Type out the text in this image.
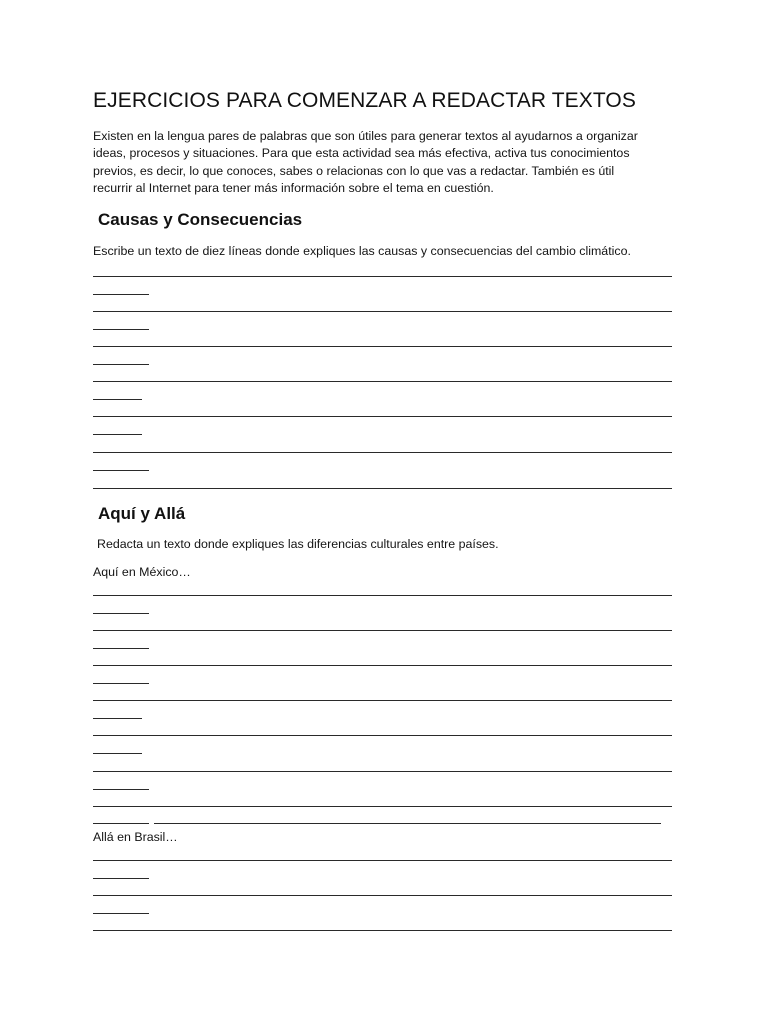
EJERCICIOS PARA COMENZAR A REDACTAR TEXTOS
Existen en la lengua pares de palabras que son útiles para generar textos al ayudarnos a organizar
ideas, procesos y situaciones. Para que esta actividad sea más efectiva, activa tus conocimientos
previos, es decir, lo que conoces, sabes o relacionas con lo que vas a redactar. También es útil
recurrir al Internet para tener más información sobre el tema en cuestión.
Causas y Consecuencias

Escribe un texto de diez líneas donde expliques las causas y consecuencias del cambio climático.

Aquí y Allá

Redacta un texto donde expliques las diferencias culturales entre países.

Aquí en México…

Allá en Brasil…
